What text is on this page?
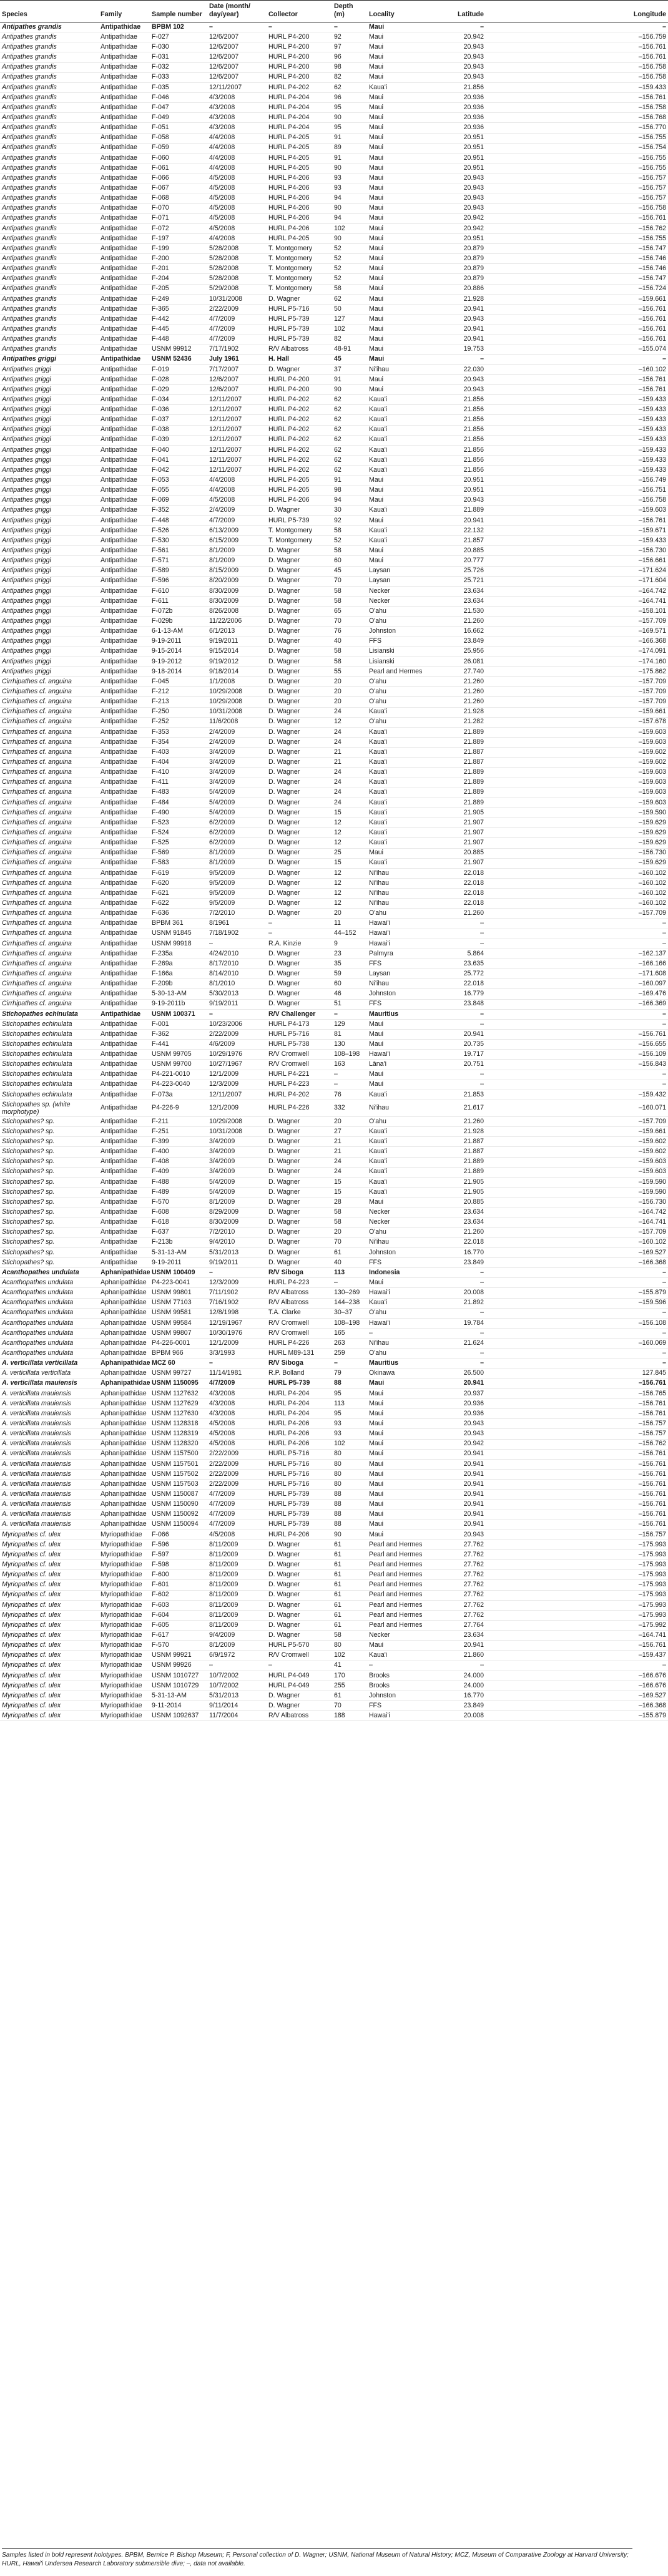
Species	Family	Sample number	Date (month/ day/year)	Collector	Depth (m)	Locality	Latitude	Longitude
Antipathes grandis	Antipathidae	BPBM 102	–	–	–	Maui	–	–
Antipathes grandis	Antipathidae	F-027	12/6/2007	HURL P4-200	92	Maui	20.942	–156.759
Antipathes grandis	Antipathidae	F-030	12/6/2007	HURL P4-200	97	Maui	20.943	–156.761
Antipathes grandis	Antipathidae	F-031	12/6/2007	HURL P4-200	96	Maui	20.943	–156.761
Antipathes grandis	Antipathidae	F-032	12/6/2007	HURL P4-200	98	Maui	20.943	–156.758
Antipathes grandis	Antipathidae	F-033	12/6/2007	HURL P4-200	82	Maui	20.943	–156.758
Antipathes grandis	Antipathidae	F-035	12/11/2007	HURL P4-202	62	Kaua'i	21.856	–159.433
Antipathes grandis	Antipathidae	F-046	4/3/2008	HURL P4-204	96	Maui	20.936	–156.761
Antipathes grandis	Antipathidae	F-047	4/3/2008	HURL P4-204	95	Maui	20.936	–156.758
Antipathes grandis	Antipathidae	F-049	4/3/2008	HURL P4-204	90	Maui	20.936	–156.768
Antipathes grandis	Antipathidae	F-051	4/3/2008	HURL P4-204	95	Maui	20.936	–156.770
Antipathes grandis	Antipathidae	F-058	4/4/2008	HURL P4-205	91	Maui	20.951	–156.755
Antipathes grandis	Antipathidae	F-059	4/4/2008	HURL P4-205	89	Maui	20.951	–156.754
Antipathes grandis	Antipathidae	F-060	4/4/2008	HURL P4-205	91	Maui	20.951	–156.755
Antipathes grandis	Antipathidae	F-061	4/4/2008	HURL P4-205	90	Maui	20.951	–156.755
Antipathes grandis	Antipathidae	F-066	4/5/2008	HURL P4-206	93	Maui	20.943	–156.757
Antipathes grandis	Antipathidae	F-067	4/5/2008	HURL P4-206	93	Maui	20.943	–156.757
Antipathes grandis	Antipathidae	F-068	4/5/2008	HURL P4-206	94	Maui	20.943	–156.757
Antipathes grandis	Antipathidae	F-070	4/5/2008	HURL P4-206	90	Maui	20.943	–156.758
Antipathes grandis	Antipathidae	F-071	4/5/2008	HURL P4-206	94	Maui	20.942	–156.761
Antipathes grandis	Antipathidae	F-072	4/5/2008	HURL P4-206	102	Maui	20.942	–156.762
Antipathes grandis	Antipathidae	F-197	4/4/2008	HURL P4-205	90	Maui	20.951	–156.755
Antipathes grandis	Antipathidae	F-199	5/28/2008	T. Montgomery	52	Maui	20.879	–156.747
Antipathes grandis	Antipathidae	F-200	5/28/2008	T. Montgomery	52	Maui	20.879	–156.746
Antipathes grandis	Antipathidae	F-201	5/28/2008	T. Montgomery	52	Maui	20.879	–156.746
Antipathes grandis	Antipathidae	F-204	5/28/2008	T. Montgomery	52	Maui	20.879	–156.747
Antipathes grandis	Antipathidae	F-205	5/29/2008	T. Montgomery	58	Maui	20.886	–156.724
Antipathes grandis	Antipathidae	F-249	10/31/2008	D. Wagner	62	Maui	21.928	–159.661
Antipathes grandis	Antipathidae	F-365	2/22/2009	HURL P5-716	50	Maui	20.941	–156.761
Antipathes grandis	Antipathidae	F-442	4/7/2009	HURL P5-739	127	Maui	20.943	–156.761
Antipathes grandis	Antipathidae	F-445	4/7/2009	HURL P5-739	102	Maui	20.941	–156.761
Antipathes grandis	Antipathidae	F-448	4/7/2009	HURL P5-739	82	Maui	20.941	–156.761
Antipathes grandis	Antipathidae	USNM 99912	7/17/1902	R/V Albatross	48-91	Maui	19.753	–155.074
Antipathes griggi	Antipathidae	USNM 52436	July 1961	H. Hall	45	Maui	–	–
Antipathes griggi	Antipathidae	F-019	7/17/2007	D. Wagner	37	Ni'ihau	22.030	–160.102
Antipathes griggi	Antipathidae	F-028	12/6/2007	HURL P4-200	91	Maui	20.943	–156.761
Antipathes griggi	Antipathidae	F-029	12/6/2007	HURL P4-200	90	Maui	20.943	–156.761
Antipathes griggi	Antipathidae	F-034	12/11/2007	HURL P4-202	62	Kaua'i	21.856	–159.433
Antipathes griggi	Antipathidae	F-036	12/11/2007	HURL P4-202	62	Kaua'i	21.856	–159.433
Antipathes griggi	Antipathidae	F-037	12/11/2007	HURL P4-202	62	Kaua'i	21.856	–159.433
Antipathes griggi	Antipathidae	F-038	12/11/2007	HURL P4-202	62	Kaua'i	21.856	–159.433
Antipathes griggi	Antipathidae	F-039	12/11/2007	HURL P4-202	62	Kaua'i	21.856	–159.433
Antipathes griggi	Antipathidae	F-040	12/11/2007	HURL P4-202	62	Kaua'i	21.856	–159.433
Antipathes griggi	Antipathidae	F-041	12/11/2007	HURL P4-202	62	Kaua'i	21.856	–159.433
Antipathes griggi	Antipathidae	F-042	12/11/2007	HURL P4-202	62	Kaua'i	21.856	–159.433
Antipathes griggi	Antipathidae	F-053	4/4/2008	HURL P4-205	91	Maui	20.951	–156.749
Antipathes griggi	Antipathidae	F-055	4/4/2008	HURL P4-205	98	Maui	20.951	–156.751
Antipathes griggi	Antipathidae	F-069	4/5/2008	HURL P4-206	94	Maui	20.943	–156.758
Antipathes griggi	Antipathidae	F-352	2/4/2009	D. Wagner	30	Kaua'i	21.889	–159.603
Antipathes griggi	Antipathidae	F-448	4/7/2009	HURL P5-739	92	Maui	20.941	–156.761
Antipathes griggi	Antipathidae	F-526	6/13/2009	T. Montgomery	58	Kaua'i	22.132	–159.671
Antipathes griggi	Antipathidae	F-530	6/15/2009	T. Montgomery	52	Kaua'i	21.857	–159.433
Antipathes griggi	Antipathidae	F-561	8/1/2009	D. Wagner	58	Maui	20.885	–156.730
Antipathes griggi	Antipathidae	F-571	8/1/2009	D. Wagner	60	Maui	20.777	–156.661
Antipathes griggi	Antipathidae	F-589	8/15/2009	D. Wagner	45	Laysan	25.726	–171.624
Antipathes griggi	Antipathidae	F-596	8/20/2009	D. Wagner	70	Laysan	25.721	–171.604
Antipathes griggi	Antipathidae	F-610	8/30/2009	D. Wagner	58	Necker	23.634	–164.742
Antipathes griggi	Antipathidae	F-611	8/30/2009	D. Wagner	58	Necker	23.634	–164.741
Antipathes griggi	Antipathidae	F-072b	8/26/2008	D. Wagner	65	O'ahu	21.530	–158.101
Antipathes griggi	Antipathidae	F-029b	11/22/2006	D. Wagner	70	O'ahu	21.260	–157.709
Antipathes griggi	Antipathidae	6-1-13-AM	6/1/2013	D. Wagner	76	Johnston	16.662	–169.571
Antipathes griggi	Antipathidae	9-19-2011	9/19/2011	D. Wagner	40	FFS	23.849	–166.368
Antipathes griggi	Antipathidae	9-15-2014	9/15/2014	D. Wagner	58	Lisianski	25.956	–174.091
Antipathes griggi	Antipathidae	9-19-2012	9/19/2012	D. Wagner	58	Lisianski	26.081	–174.160
Antipathes griggi	Antipathidae	9-18-2014	9/18/2014	D. Wagner	55	Pearl and Hermes	27.740	–175.862
Cirrhipathes cf. anguina	Antipathidae	F-045	1/1/2008	D. Wagner	20	O'ahu	21.260	–157.709
Cirrhipathes cf. anguina	Antipathidae	F-212	10/29/2008	D. Wagner	20	O'ahu	21.260	–157.709
Cirrhipathes cf. anguina	Antipathidae	F-213	10/29/2008	D. Wagner	20	O'ahu	21.260	–157.709
Cirrhipathes cf. anguina	Antipathidae	F-250	10/31/2008	D. Wagner	24	Kaua'i	21.928	–159.661
Cirrhipathes cf. anguina	Antipathidae	F-252	11/6/2008	D. Wagner	12	O'ahu	21.282	–157.678
Cirrhipathes cf. anguina	Antipathidae	F-353	2/4/2009	D. Wagner	24	Kaua'i	21.889	–159.603
Cirrhipathes cf. anguina	Antipathidae	F-354	2/4/2009	D. Wagner	24	Kaua'i	21.889	–159.603
Cirrhipathes cf. anguina	Antipathidae	F-403	3/4/2009	D. Wagner	21	Kaua'i	21.887	–159.602
Cirrhipathes cf. anguina	Antipathidae	F-404	3/4/2009	D. Wagner	21	Kaua'i	21.887	–159.602
Cirrhipathes cf. anguina	Antipathidae	F-410	3/4/2009	D. Wagner	24	Kaua'i	21.889	–159.603
Cirrhipathes cf. anguina	Antipathidae	F-411	3/4/2009	D. Wagner	24	Kaua'i	21.889	–159.603
Cirrhipathes cf. anguina	Antipathidae	F-483	5/4/2009	D. Wagner	24	Kaua'i	21.889	–159.603
Cirrhipathes cf. anguina	Antipathidae	F-484	5/4/2009	D. Wagner	24	Kaua'i	21.889	–159.603
Cirrhipathes cf. anguina	Antipathidae	F-490	5/4/2009	D. Wagner	15	Kaua'i	21.905	–159.590
Cirrhipathes cf. anguina	Antipathidae	F-523	6/2/2009	D. Wagner	12	Kaua'i	21.907	–159.629
Cirrhipathes cf. anguina	Antipathidae	F-524	6/2/2009	D. Wagner	12	Kaua'i	21.907	–159.629
Cirrhipathes cf. anguina	Antipathidae	F-525	6/2/2009	D. Wagner	12	Kaua'i	21.907	–159.629
Cirrhipathes cf. anguina	Antipathidae	F-569	8/1/2009	D. Wagner	25	Maui	20.885	–156.730
Cirrhipathes cf. anguina	Antipathidae	F-583	8/1/2009	D. Wagner	15	Kaua'i	21.907	–159.629
Cirrhipathes cf. anguina	Antipathidae	F-619	9/5/2009	D. Wagner	12	Ni'ihau	22.018	–160.102
Cirrhipathes cf. anguina	Antipathidae	F-620	9/5/2009	D. Wagner	12	Ni'ihau	22.018	–160.102
Cirrhipathes cf. anguina	Antipathidae	F-621	9/5/2009	D. Wagner	12	Ni'ihau	22.018	–160.102
Cirrhipathes cf. anguina	Antipathidae	F-622	9/5/2009	D. Wagner	12	Ni'ihau	22.018	–160.102
Cirrhipathes cf. anguina	Antipathidae	F-636	7/2/2010	D. Wagner	20	O'ahu	21.260	–157.709
Cirrhipathes cf. anguina	Antipathidae	BPBM 361	8/1961	–	11	Hawai'i	–	–
Cirrhipathes cf. anguina	Antipathidae	USNM 91845	7/18/1902	–	44–152	Hawai'i	–	–
Cirrhipathes cf. anguina	Antipathidae	USNM 99918	–	R.A. Kinzie	9	Hawai'i	–	–
Cirrhipathes cf. anguina	Antipathidae	F-235a	4/24/2010	D. Wagner	23	Palmyra	5.864	–162.137
Cirrhipathes cf. anguina	Antipathidae	F-269a	8/17/2010	D. Wagner	35	FFS	23.635	–166.166
Cirrhipathes cf. anguina	Antipathidae	F-166a	8/14/2010	D. Wagner	59	Laysan	25.772	–171.608
Cirrhipathes cf. anguina	Antipathidae	F-209b	8/1/2010	D. Wagner	60	Ni'ihau	22.018	–160.097
Cirrhipathes cf. anguina	Antipathidae	5-30-13-AM	5/30/2013	D. Wagner	46	Johnston	16.779	–169.476
Cirrhipathes cf. anguina	Antipathidae	9-19-2011b	9/19/2011	D. Wagner	51	FFS	23.848	–166.369
Stichopathes echinulata	Antipathidae	USNM 100371	–	R/V Challenger	–	Mauritius	–	–
Stichopathes echinulata	Antipathidae	F-001	10/23/2006	HURL P4-173	129	Maui	–	–
Stichopathes echinulata	Antipathidae	F-362	2/22/2009	HURL P5-716	81	Maui	20.941	–156.761
Stichopathes echinulata	Antipathidae	F-441	4/6/2009	HURL P5-738	130	Maui	20.735	–156.655
Stichopathes echinulata	Antipathidae	USNM 99705	10/29/1976	R/V Cromwell	108–198	Hawai'i	19.717	–156.109
Stichopathes echinulata	Antipathidae	USNM 99700	10/27/1967	R/V Cromwell	163	Lāna'i	20.751	–156.843
Stichopathes echinulata	Antipathidae	P4-221-0010	12/1/2009	HURL P4-221	–	Maui	–	–
Stichopathes echinulata	Antipathidae	P4-223-0040	12/3/2009	HURL P4-223	–	Maui	–	–
Stichopathes echinulata	Antipathidae	F-073a	12/11/2007	HURL P4-202	76	Kaua'i	21.853	–159.432
Stichopathes sp. (white morphotype)	Antipathidae	P4-226-9	12/1/2009	HURL P4-226	332	Ni'ihau	21.617	–160.071
Stichopathes? sp.	Antipathidae	F-211	10/29/2008	D. Wagner	20	O'ahu	21.260	–157.709
Stichopathes? sp.	Antipathidae	F-251	10/31/2008	D. Wagner	27	Kaua'i	21.928	–159.661
Stichopathes? sp.	Antipathidae	F-399	3/4/2009	D. Wagner	21	Kaua'i	21.887	–159.602
Stichopathes? sp.	Antipathidae	F-400	3/4/2009	D. Wagner	21	Kaua'i	21.887	–159.602
Stichopathes? sp.	Antipathidae	F-408	3/4/2009	D. Wagner	24	Kaua'i	21.889	–159.603
Stichopathes? sp.	Antipathidae	F-409	3/4/2009	D. Wagner	24	Kaua'i	21.889	–159.603
Stichopathes? sp.	Antipathidae	F-488	5/4/2009	D. Wagner	15	Kaua'i	21.905	–159.590
Stichopathes? sp.	Antipathidae	F-489	5/4/2009	D. Wagner	15	Kaua'i	21.905	–159.590
Stichopathes? sp.	Antipathidae	F-570	8/1/2009	D. Wagner	28	Maui	20.885	–156.730
Stichopathes? sp.	Antipathidae	F-608	8/29/2009	D. Wagner	58	Necker	23.634	–164.742
Stichopathes? sp.	Antipathidae	F-618	8/30/2009	D. Wagner	58	Necker	23.634	–164.741
Stichopathes? sp.	Antipathidae	F-637	7/2/2010	D. Wagner	20	O'ahu	21.260	–157.709
Stichopathes? sp.	Antipathidae	F-213b	9/4/2010	D. Wagner	70	Ni'ihau	22.018	–160.102
Stichopathes? sp.	Antipathidae	5-31-13-AM	5/31/2013	D. Wagner	61	Johnston	16.770	–169.527
Stichopathes? sp.	Antipathidae	9-19-2011	9/19/2011	D. Wagner	40	FFS	23.849	–166.368
Acanthopathes undulata	Aphanipathidae	USNM 100409	–	R/V Siboga	113	Indonesia	–	–
Acanthopathes undulata	Aphanipathidae	P4-223-0041	12/3/2009	HURL P4-223	–	Maui	–	–
Acanthopathes undulata	Aphanipathidae	USNM 99801	7/11/1902	R/V Albatross	130–269	Hawai'i	20.008	–155.879
Acanthopathes undulata	Aphanipathidae	USNM 77103	7/16/1902	R/V Albatross	144–238	Kaua'i	21.892	–159.596
Acanthopathes undulata	Aphanipathidae	USNM 99581	12/8/1998	T.A. Clarke	30–37	O'ahu	–	–
Acanthopathes undulata	Aphanipathidae	USNM 99584	12/19/1967	R/V Cromwell	108–198	Hawai'i	19.784	–156.108
Acanthopathes undulata	Aphanipathidae	USNM 99807	10/30/1976	R/V Cromwell	165	–	–	–
Acanthopathes undulata	Aphanipathidae	P4-226-0001	12/1/2009	HURL P4-226	263	Ni'ihau	21.624	–160.069
Acanthopathes undulata	Aphanipathidae	BPBM 966	3/3/1993	HURL M89-131	259	O'ahu	–	–
A. verticillata verticillata	Aphanipathidae	MCZ 60	–	R/V Siboga	–	Mauritius	–	–
A. verticillata verticillata	Aphanipathidae	USNM 99727	11/14/1981	R.P. Bolland	79	Okinawa	26.500	127.845
A. verticillata mauiensis	Aphanipathidae	USNM 1150095	4/7/2009	HURL P5-739	88	Maui	20.941	–156.761
A. verticillata mauiensis	Aphanipathidae	USNM 1127632	4/3/2008	HURL P4-204	95	Maui	20.937	–156.765
A. verticillata mauiensis	Aphanipathidae	USNM 1127629	4/3/2008	HURL P4-204	113	Maui	20.936	–156.761
A. verticillata mauiensis	Aphanipathidae	USNM 1127630	4/3/2008	HURL P4-204	95	Maui	20.936	–156.761
A. verticillata mauiensis	Aphanipathidae	USNM 1128318	4/5/2008	HURL P4-206	93	Maui	20.943	–156.757
A. verticillata mauiensis	Aphanipathidae	USNM 1128319	4/5/2008	HURL P4-206	93	Maui	20.943	–156.757
A. verticillata mauiensis	Aphanipathidae	USNM 1128320	4/5/2008	HURL P4-206	102	Maui	20.942	–156.762
A. verticillata mauiensis	Aphanipathidae	USNM 1157500	2/22/2009	HURL P5-716	80	Maui	20.941	–156.761
A. verticillata mauiensis	Aphanipathidae	USNM 1157501	2/22/2009	HURL P5-716	80	Maui	20.941	–156.761
A. verticillata mauiensis	Aphanipathidae	USNM 1157502	2/22/2009	HURL P5-716	80	Maui	20.941	–156.761
A. verticillata mauiensis	Aphanipathidae	USNM 1157503	2/22/2009	HURL P5-716	80	Maui	20.941	–156.761
A. verticillata mauiensis	Aphanipathidae	USNM 1150087	4/7/2009	HURL P5-739	88	Maui	20.941	–156.761
A. verticillata mauiensis	Aphanipathidae	USNM 1150090	4/7/2009	HURL P5-739	88	Maui	20.941	–156.761
A. verticillata mauiensis	Aphanipathidae	USNM 1150092	4/7/2009	HURL P5-739	88	Maui	20.941	–156.761
A. verticillata mauiensis	Aphanipathidae	USNM 1150094	4/7/2009	HURL P5-739	88	Maui	20.941	–156.761
Myriopathes cf. ulex	Myriopathidae	F-066	4/5/2008	HURL P4-206	90	Maui	20.943	–156.757
Myriopathes cf. ulex	Myriopathidae	F-596	8/11/2009	D. Wagner	61	Pearl and Hermes	27.762	–175.993
Myriopathes cf. ulex	Myriopathidae	F-597	8/11/2009	D. Wagner	61	Pearl and Hermes	27.762	–175.993
Myriopathes cf. ulex	Myriopathidae	F-598	8/11/2009	D. Wagner	61	Pearl and Hermes	27.762	–175.993
Myriopathes cf. ulex	Myriopathidae	F-600	8/11/2009	D. Wagner	61	Pearl and Hermes	27.762	–175.993
Myriopathes cf. ulex	Myriopathidae	F-601	8/11/2009	D. Wagner	61	Pearl and Hermes	27.762	–175.993
Myriopathes cf. ulex	Myriopathidae	F-602	8/11/2009	D. Wagner	61	Pearl and Hermes	27.762	–175.993
Myriopathes cf. ulex	Myriopathidae	F-603	8/11/2009	D. Wagner	61	Pearl and Hermes	27.762	–175.993
Myriopathes cf. ulex	Myriopathidae	F-604	8/11/2009	D. Wagner	61	Pearl and Hermes	27.762	–175.993
Myriopathes cf. ulex	Myriopathidae	F-605	8/11/2009	D. Wagner	61	Pearl and Hermes	27.764	–175.992
Myriopathes cf. ulex	Myriopathidae	F-617	9/4/2009	D. Wagner	58	Necker	23.634	–164.741
Myriopathes cf. ulex	Myriopathidae	F-570	8/1/2009	HURL P5-570	80	Maui	20.941	–156.761
Myriopathes cf. ulex	Myriopathidae	USNM 99921	6/9/1972	R/V Cromwell	102	Kaua'i	21.860	–159.437
Myriopathes cf. ulex	Myriopathidae	USNM 99926	–	–	41	–	–	–
Myriopathes cf. ulex	Myriopathidae	USNM 1010727	10/7/2002	HURL P4-049	170	Brooks	24.000	–166.676
Myriopathes cf. ulex	Myriopathidae	USNM 1010729	10/7/2002	HURL P4-049	255	Brooks	24.000	–166.676
Myriopathes cf. ulex	Myriopathidae	5-31-13-AM	5/31/2013	D. Wagner	61	Johnston	16.770	–169.527
Myriopathes cf. ulex	Myriopathidae	9-11-2014	9/11/2014	D. Wagner	70	FFS	23.849	–166.368
Myriopathes cf. ulex	Myriopathidae	USNM 1092637	11/7/2004	R/V Albatross	188	Hawai'i	20.008	–155.879
Samples listed in bold represent holotypes. BPBM, Bernice P. Bishop Museum; F, Personal collection of D. Wagner; USNM, National Museum of Natural History; MCZ, Museum of Comparative Zoology at Harvard University; HURL, Hawai'i Undersea Research Laboratory submersible dive; –, data not available.
